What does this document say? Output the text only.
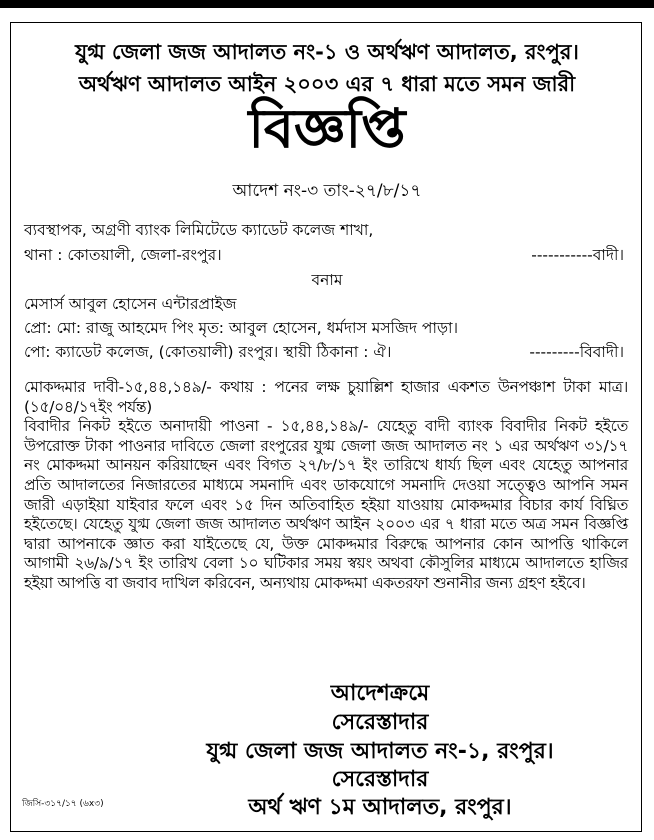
যুগ্ম জেলা জজ আদালত নং-১ ও অর্থঋণ আদালত, রংপুর।
অর্থঋণ আদালত আইন ২০০৩ এর ৭ ধারা মতে সমন জারী
বিজ্ঞপ্তি
আদেশ নং-৩ তাং-২৭/৮/১৭
ব্যবস্থাপক, অগ্রণী ব্যাংক লিমিটেডে ক্যাডেট কলেজ শাখা,
থানা : কোতয়ালী, জেলা-রংপুর।	-----------বাদী।
বনাম
মেসার্স আবুল হোসেন এন্টারপ্রাইজ
প্রো: মো: রাজু আহমেদ পিং মৃত: আবুল হোসেন, ধর্মদাস মসজিদ পাড়া।
পো: ক্যাডেট কলেজ, (কোতয়ালী) রংপুর। স্থায়ী ঠিকানা : ঐ।	---------বিবাদী।
মোকদ্দমার দাবী-১৫,৪৪,১৪৯/- কথায় : পনের লক্ষ চুয়াল্লিশ হাজার একশত উনপঞ্চাশ টাকা মাত্র। (১৫/০৪/১৭ইং পর্যন্ত)
বিবাদীর নিকট হইতে অনাদায়ী পাওনা - ১৫,৪৪,১৪৯/- যেহেতু বাদী ব্যাংক বিবাদীর নিকট হইতে উপরোক্ত টাকা পাওনার দাবিতে জেলা রংপুরের যুগ্ম জেলা জজ আদালত নং ১ এর অর্থঋণ ৩১/১৭ নং মোকদ্দমা আনয়ন করিয়াছেন এবং বিগত ২৭/৮/১৭ ইং তারিখে ধার্য্য ছিল এবং যেহেতু আপনার প্রতি আদালতের নিজারতের মাধ্যমে সমনাদি এবং ডাকযোগে সমনাদি দেওয়া সত্ত্বেও আপনি সমন জারী এড়াইয়া যাইবার ফলে এবং ১৫ দিন অতিবাহিত হইয়া যাওয়ায় মোকদ্দমার বিচার কার্য বিঘ্নিত হইতেছে। যেহেতু যুগ্ম জেলা জজ আদালত অর্থঋণ আইন ২০০৩ এর ৭ ধারা মতে অত্র সমন বিজ্ঞপ্তি দ্বারা আপনাকে জ্ঞাত করা যাইতেছে যে, উক্ত মোকদ্দমার বিরুদ্ধে আপনার কোন আপত্তি থাকিলে আগামী ২৬/৯/১৭ ইং তারিখ বেলা ১০ ঘটিকার সময় স্বয়ং অথবা কৌসুলির মাধ্যমে আদালতে হাজির হইয়া আপত্তি বা জবাব দাখিল করিবেন, অন্যথায় মোকদ্দমা একতরফা শুনানীর জন্য গ্রহণ হইবে।
আদেশক্রমে
সেরেস্তাদার
যুগ্ম জেলা জজ আদালত নং-১, রংপুর।
সেরেস্তাদার
অর্থ ঋণ ১ম আদালত, রংপুর।
জিসি-৩১৭/১৭ (৬x৩)
